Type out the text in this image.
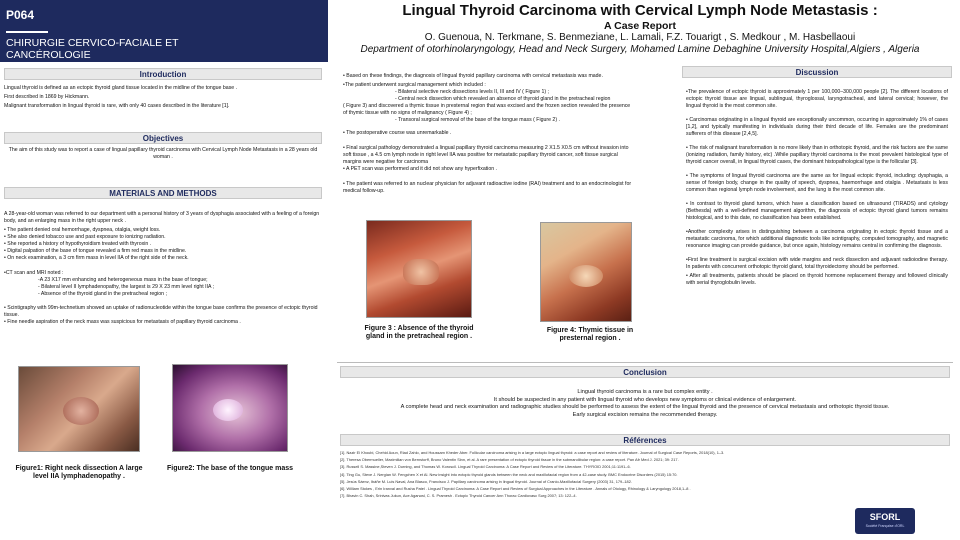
P064
CHIRURGIE CERVICO-FACIALE ET CANCÉROLOGIE
Introduction

Lingual thyroid is defined as an ectopic thyroid gland tissue located in the midline of the tongue base .

First described in 1869 by Hickmann.

Malignant transformation in lingual thyroid is rare, with only 40 cases described in the literature [1].

Objectives
The aim of this study was to report a case of lingual papillary thyroid carcinoma with Cervical Lymph Node Metastasis in a 28 years old woman .
MATERIALS AND METHODS

A 28-year-old woman was referred to our department with a personal history of 3 years of dysphagia associated with a feeling of a foreign body, and an enlarging mass in the right upper neck .

• The patient denied oral hemorrhage, dyspnea, otalgia, weight loss.
• She also denied tobacco use and past exposure to ionizing radiation.
• She reported a history of hypothyroidism treated with thyroxin .
• Digital palpation of the base of tongue revealed a firm red mass in the midline.

• On neck examination, a 3 cm firm mass in level IIA of the right side of the neck.

•CT scan and MRI noted :
-A 23 X17 mm enhancing and heterogeneous mass in the base of tongue;
- Bilateral level II lymphadenopathy, the largest is 29 X 23 mm level right IIA ;

- Absence of the thyroid gland in the pretracheal region ;

• Scintigraphy with 99m-technetium showed an uptake of radionucleotide within the tongue base confirms the presence of ectopic thyroid tissue.
• Fine needle aspiration of the neck mass was suspicious for metastasis of papillary thyroid carcinoma .
Figure1: Right neck dissection A large level IIA lymphadenopathy .
Figure2: The base of the tongue mass
Lingual Thyroid Carcinoma with Cervical Lymph Node Metastasis :
A Case Report
O. Guenoua, N. Terkmane, S. Benmeziane, L. Lamali, F.Z. Touarigt , S. Medkour , M. Hasbellaoui
Department of otorhinolaryngology, Head and Neck Surgery, Mohamed Lamine Debaghine University Hospital,Algiers , Algeria

• Based on these findings, the diagnosis of lingual thyroid papillary carcinoma with cervical metastasis was made.

•The patient underwent surgical management which included :
- Bilateral selective neck dissections levels II, III and IV ( Figure 1) ;
- Central neck dissection which revealed an absence of thyroid gland in the pretracheal region
( Figure 3) and discovered a thymic tissue in presternal region that was excised and the frozen section revealed the presence of thymic tissue with no signs of malignancy ( Figure 4) ;

- Transoral surgical removal of the base of the tongue mass ( Figure 2) .

• The postoperative course was unremarkable .

• Final surgical pathology demonstrated a lingual papillary thyroid carcinoma measuring 2 X1.5 X0.5 cm without invasion into soft tissue , a 4.5 cm lymph node in right level IIA was positive for metastatic papillary thyroid cancer, soft tissue surgical margins were negative for carcinoma

• A PET scan was performed and it did not show any hyperfixation .

• The patient was referred to an nuclear physician for adjuvant radioactive iodine (RAI) treatment and to an endocrinologist for medical follow-up.

Figure 3 : Absence of the thyroid gland in the pretracheal region .
Figure 4: Thymic tissue in presternal region .
Discussion

•The prevalence of ectopic thyroid is approximately 1 per 100,000–300,000 people [2]. The different locations of ectopic thyroid tissue are lingual, sublingual, thyroglossal, laryngotracheal, and lateral cervical; however, the lingual thyroid is the most common site.

• Carcinomas originating in a lingual thyroid are exceptionally uncommon, occurring in approximately 1% of cases [1,2], and typically manifesting in individuals during their third decade of life. Females are the predominant sufferers of this disease [2,4,5].

• The risk of malignant transformation is no more likely than in orthotopic thyroid, and the risk factors are the same (ionizing radiation, family history, etc) .While papillary thyroid carcinoma is the most prevalent histological type of thyroid cancer overall, in lingual thyroid cases, the dominant histopathological type is the follicular [3].

• The symptoms of lingual thyroid carcinoma are the same as for lingual ectopic thyroid, including: dysphagia, a sense of foreign body, change in the quality of speech, dyspnea, haemorrhage and otalgia . Metastasis is less common than regional lymph node involvement, and the lung is the most common site.

• In contrast to thyroid gland tumors, which have a classification based on ultrasound (TIRADS) and cytology (Bethesda) with a well-defined management algorithm, the diagnosis of ectopic thyroid gland tumors remains histological, and to this date, no classification has been established.

•Another complexity arises in distinguishing between a carcinoma originating in ectopic thyroid tissue and a metastatic carcinoma, for which additional diagnostic tools like scintigraphy, computed tomography, and magnetic resonance imaging can provide guidance, but once again, histology remains central in confirming the diagnosis.

•First line treatment is surgical excision with wide margins and neck dissection and adjuvant radioiodine therapy. In patients with concurrent orthotopic thyroid gland, total thyroidectomy should be performed.

• After all treatments, patients should be placed on thyroid hormone replacement therapy and followed clinically with serial thyroglobulin levels.

Conclusion
Lingual thyroid carcinoma is a rare but complex entity .
It should be suspected in any patient with lingual thyroid who develops new symptoms or clinical evidence of enlargement.
A complete head and neck examination and radiographic studies should be performed to assess the extent of the lingual thyroid and the presence of cervical metastasis and orthotopic thyroid tissue.
Early surgical excision remains the recommended therapy.
Références
[1]. Nazir El Khoubi, Chehid Aoun, Riad Zahlo, and Houssam Kheder Aber. Follicular carcinoma arising in a large ectopic lingual thyroid: a case report and review of literature. Journal of Surgical Case Reports, 2018(10), 1–3.
[2]. Theresa Obermueller, Maximilian von Bernstorff, Bruno Valentin Sinn, et al. A rare presentation of ectopic thyroid tissue in the submandibular region: a case report. Pan Afr Med J. 2021; 39: 217.
[3]. Russell S. Massine,Steven J. Durning, and Thomas W. Koroscil. Lingual Thyroid Carcinoma: A Case Report and Review of the Literature. THYROID 2001;11:1191–6.
[4]. Ting Gu, Steve J. Nergian W. Fengchen X et Al. New insight into ectopic thyroid glands between the neck and maxillofacial region from a 42-case study. BMC Endocrine Disorders (2015) 15:70.
[5]. Jesús Sáenz, Ibáñe M. Luis Naval, Ana Blasco, Francisco J. Papillary carcinoma arising in lingual thyroid. Journal of Cranio-Maxillofacial Surgery (2003) 31, 179–182.
[6]. William Stokes , Erin Iranval and Rusha Patel . Lingual Thyroid Carcinoma: A Case Report and Review of Surgical Approaches in the Literature . Annals of Otology, Rhinology & Laryngology 2018,1–8 .
[7]. Bhavin C. Shah, Srinivas Jukun, Ace Agarwal, C. S. Pramesh . Ectopic Thyroid Cancer Ann Thorac Cardiovasc Surg 2007; 13: 122–4.
SFORL
Société Française d'ORL
